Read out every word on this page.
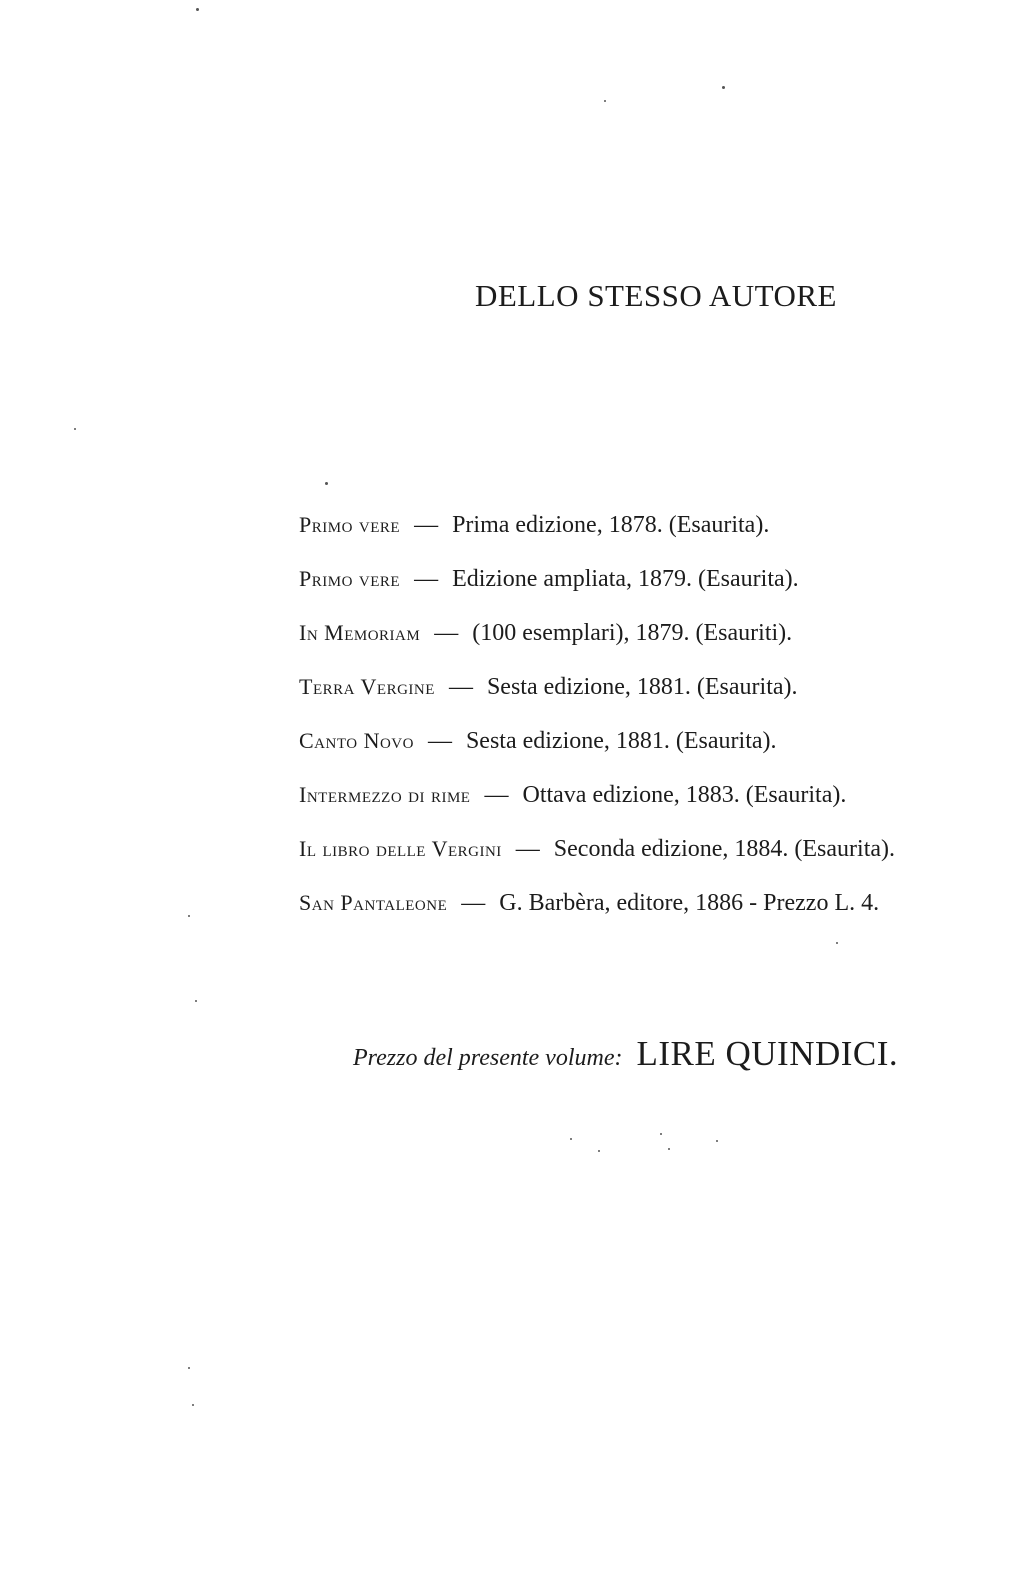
DELLO STESSO AUTORE
Primo vere — Prima edizione, 1878. (Esaurita).
Primo vere — Edizione ampliata, 1879. (Esaurita).
In Memoriam — (100 esemplari), 1879. (Esauriti).
Terra Vergine — Sesta edizione, 1881. (Esaurita).
Canto Novo — Sesta edizione, 1881. (Esaurita).
Intermezzo di rime — Ottava edizione, 1883. (Esaurita).
Il libro delle Vergini — Seconda edizione, 1884. (Esaurita).
San Pantaleone — G. Barbèra, editore, 1886 - Prezzo L. 4.
Prezzo del presente volume: LIRE QUINDICI.
